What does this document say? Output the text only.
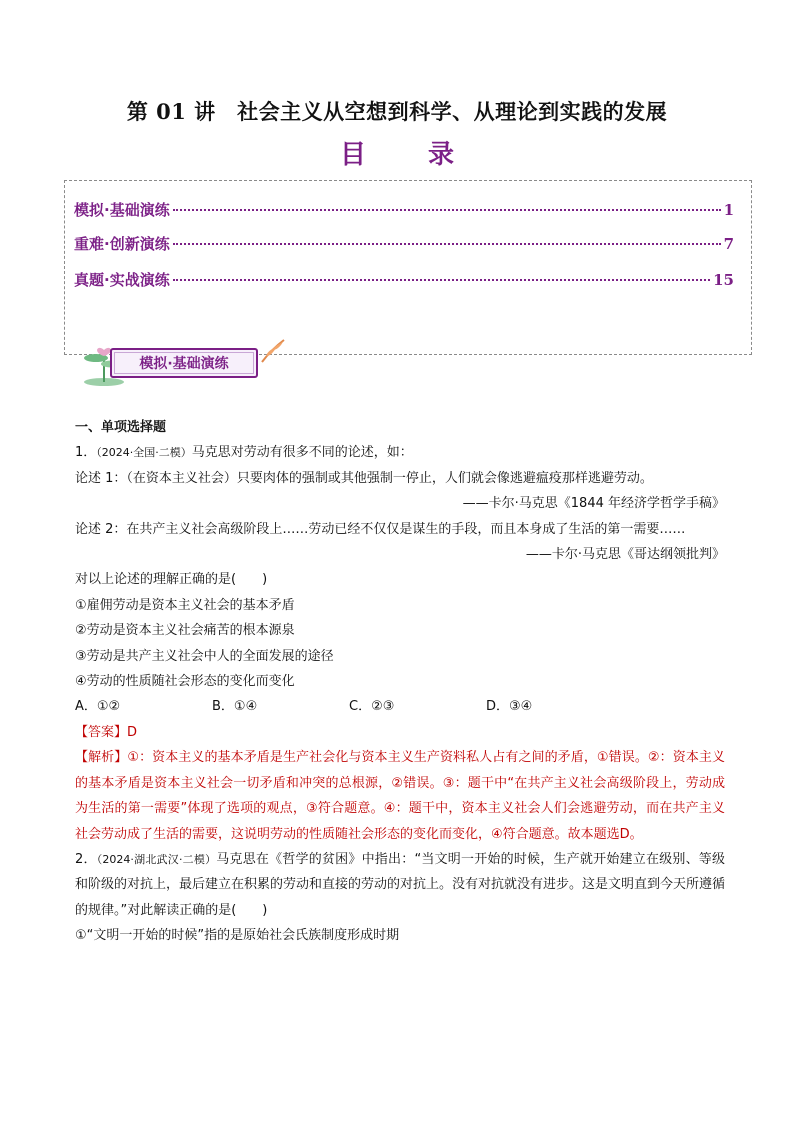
第 01 讲　社会主义从空想到科学、从理论到实践的发展
目　录
模拟·基础演练	1
重难·创新演练	7
真题·实战演练	15
模拟·基础演练

一、单项选择题

1．（2024·全国·二模）马克思对劳动有很多不同的论述，如：

论述 1：（在资本主义社会）只要肉体的强制或其他强制一停止，人们就会像逃避瘟疫那样逃避劳动。

——卡尔·马克思《1844 年经济学哲学手稿》

论述 2：在共产主义社会高级阶段上……劳动已经不仅仅是谋生的手段，而且本身成了生活的第一需要……

——卡尔·马克思《哥达纲领批判》

对以上论述的理解正确的是(　　)

①雇佣劳动是资本主义社会的基本矛盾

②劳动是资本主义社会痛苦的根本源泉

③劳动是共产主义社会中人的全面发展的途径

④劳动的性质随社会形态的变化而变化

A．①②	B．①④	C．②③	D．③④

【答案】D

【解析】①：资本主义的基本矛盾是生产社会化与资本主义生产资料私人占有之间的矛盾，①错误。②：资本主义的基本矛盾是资本主义社会一切矛盾和冲突的总根源，②错误。③：题干中“在共产主义社会高级阶段上，劳动成为生活的第一需要”体现了选项的观点，③符合题意。④：题干中，资本主义社会人们会逃避劳动，而在共产主义社会劳动成了生活的需要，这说明劳动的性质随社会形态的变化而变化，④符合题意。故本题选D。

2．（2024·湖北武汉·二模）马克思在《哲学的贫困》中指出：“当文明一开始的时候，生产就开始建立在级别、等级和阶级的对抗上，最后建立在积累的劳动和直接的劳动的对抗上。没有对抗就没有进步。这是文明直到今天所遵循的规律。”对此解读正确的是(　　)

①“文明一开始的时候”指的是原始社会氏族制度形成时期
